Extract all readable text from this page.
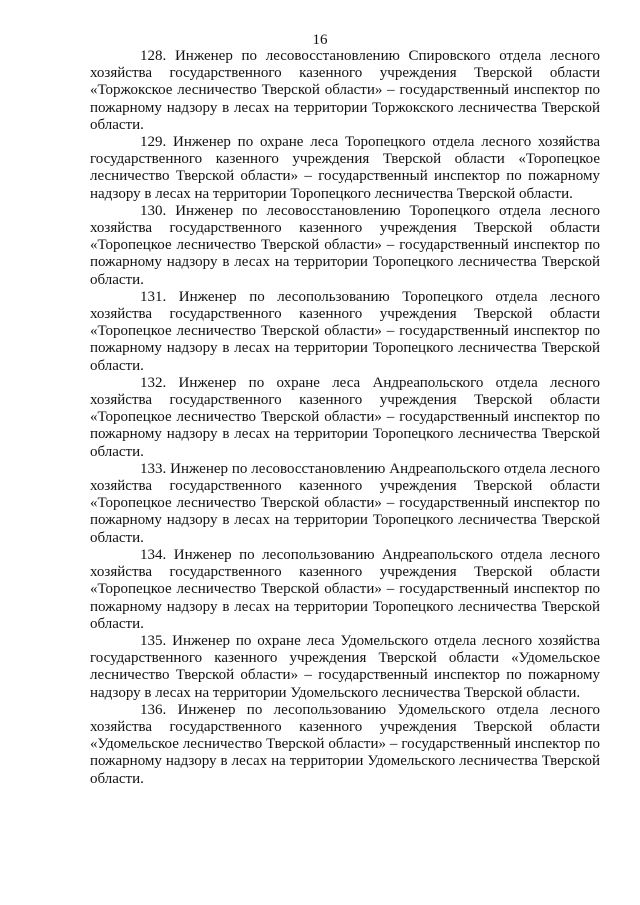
16

128. Инженер по лесовосстановлению Спировского отдела лесного хозяйства государственного казенного учреждения Тверской области «Торжокское лесничество Тверской области» – государственный инспектор по пожарному надзору в лесах на территории Торжокского лесничества Тверской области.

129. Инженер по охране леса Торопецкого отдела лесного хозяйства государственного казенного учреждения Тверской области «Торопецкое лесничество Тверской области» – государственный инспектор по пожарному надзору в лесах на территории Торопецкого лесничества Тверской области.

130. Инженер по лесовосстановлению Торопецкого отдела лесного хозяйства государственного казенного учреждения Тверской области «Торопецкое лесничество Тверской области» – государственный инспектор по пожарному надзору в лесах на территории Торопецкого лесничества Тверской области.

131. Инженер по лесопользованию Торопецкого отдела лесного хозяйства государственного казенного учреждения Тверской области «Торопецкое лесничество Тверской области» – государственный инспектор по пожарному надзору в лесах на территории Торопецкого лесничества Тверской области.

132. Инженер по охране леса Андреапольского отдела лесного хозяйства государственного казенного учреждения Тверской области «Торопецкое лесничество Тверской области» – государственный инспектор по пожарному надзору в лесах на территории Торопецкого лесничества Тверской области.

133. Инженер по лесовосстановлению Андреапольского отдела лесного хозяйства государственного казенного учреждения Тверской области «Торопецкое лесничество Тверской области» – государственный инспектор по пожарному надзору в лесах на территории Торопецкого лесничества Тверской области.

134. Инженер по лесопользованию Андреапольского отдела лесного хозяйства государственного казенного учреждения Тверской области «Торопецкое лесничество Тверской области» – государственный инспектор по пожарному надзору в лесах на территории Торопецкого лесничества Тверской области.

135. Инженер по охране леса Удомельского отдела лесного хозяйства государственного казенного учреждения Тверской области «Удомельское лесничество Тверской области» – государственный инспектор по пожарному надзору в лесах на территории Удомельского лесничества Тверской области.

136. Инженер по лесопользованию Удомельского отдела лесного хозяйства государственного казенного учреждения Тверской области «Удомельское лесничество Тверской области» – государственный инспектор по пожарному надзору в лесах на территории Удомельского лесничества Тверской области.
